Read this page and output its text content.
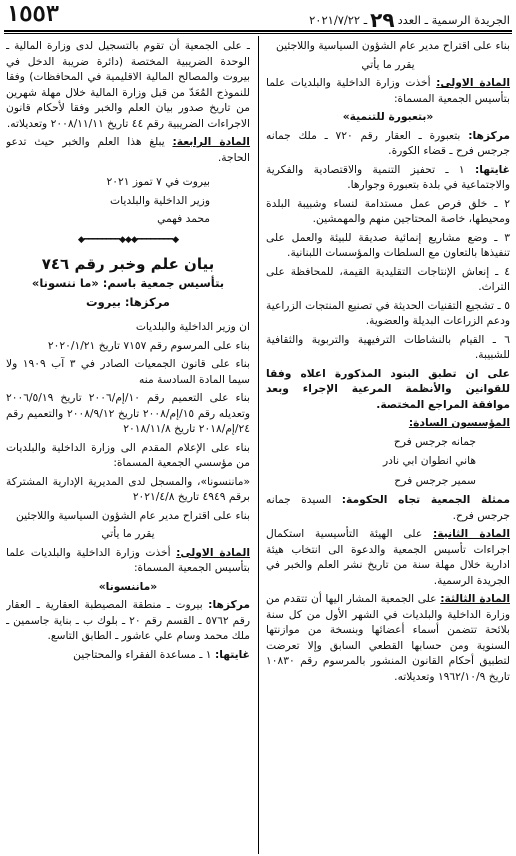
١٥٥٣	الجريدة الرسمية ـ العدد٢٩ـ ٢٠٢١/٧/٢٢

بناء على اقتراح مدير عام الشؤون السياسية واللاجئين

يقرر ما يأتي

المادة الاولى: أخذت وزارة الداخلية والبلديات علما بتأسيس الجمعية المسماة:

«بتعبورة للتنمية»

مركزها: بتعبورة ـ العقار رقم ٧٢٠ ـ ملك جمانه جرجس فرح ـ قضاء الكورة.

غايتها: ١ ـ تحفيز التنمية والاقتصادية والفكرية والاجتماعية في بلدة بتعبورة وجوارها.

٢ ـ خلق فرص عمل مستدامة لنساء وشبيبة البلدة ومحيطها، خاصة المحتاجين منهم والمهمشين.

٣ ـ وضع مشاريع إنمائية صديقة للبيئة والعمل على تنفيذها بالتعاون مع السلطات والمؤسسات اللبنانية.

٤ ـ إنعاش الإنتاجات التقليدية القيمة، للمحافظة على التراث.

٥ ـ تشجيع التقنيات الحديثة في تصنيع المنتجات الزراعية ودعم الزراعات البديلة والعضوية.

٦ ـ القيام بالنشاطات الترفيهية والتربوية والثقافية للشبيبة.

على ان تطبق البنود المذكورة اعلاه وفقا للقوانين والأنظمة المرعية الإجراء وبعد موافقة المراجع المختصة.

المؤسسون السادة:

جمانه جرجس فرح

هاني انطوان ابي نادر

سمير جرجس فرح

ممثلة الجمعية تجاه الحكومة: السيدة جمانه جرجس فرح.

المادة الثانية: على الهيئة التأسيسية استكمال اجراءات تأسيس الجمعية والدعوة الى انتخاب هيئة ادارية خلال مهلة سنة من تاريخ نشر العلم والخبر في الجريدة الرسمية.

المادة الثالثة: على الجمعية المشار اليها أن تتقدم من وزارة الداخلية والبلديات في الشهر الأول من كل سنة بلائحة تتضمن أسماء أعضائها وبنسخة من موازنتها السنوية ومن حسابها القطعي السابق وإلا تعرضت لتطبيق أحكام القانون المنشور بالمرسوم رقم ١٠٨٣٠ تاريخ ١٩٦٢/١٠/٩ وتعديلاته.

ـ على الجمعية أن تقوم بالتسجيل لدى وزارة المالية ـ الوحدة الضريبية المختصة (دائرة ضريبة الدخل في بيروت والمصالح المالية الاقليمية في المحافظات) وفقا للنموذج المُعَدّ من قبل وزارة المالية خلال مهلة شهرين من تاريخ صدور بيان العلم والخبر وفقا لأحكام قانون الاجراءات الضريبية رقم ٤٤ تاريخ ٢٠٠٨/١١/١١ وتعديلاته.

المادة الرابعة: يبلغ هذا العلم والخبر حيث تدعو الحاجة.

بيروت في ٧ تموز ٢٠٢١

وزير الداخلية والبلديات

محمد فهمي

◆━━━━━━━━◆◆◆━━━━━━━━◆

بيان علم وخبر رقم ٧٤٦

بتأسيس جمعية باسم: «ما ننسونا»

مركزها: بيروت

ان وزير الداخلية والبلديات

بناء على المرسوم رقم ٧١٥٧ تاريخ ٢٠٢٠/١/٢١

بناء على قانون الجمعيات الصادر في ٣ آب ١٩٠٩ ولا سيما المادة السادسة منه

بناء على التعميم رقم ١٠/إم/٢٠٠٦ تاريخ ٢٠٠٦/٥/١٩ وتعديله رقم ١٥/إم/٢٠٠٨ تاريخ ٢٠٠٨/٩/١٢ والتعميم رقم ٢٤/إم/٢٠١٨ تاريخ ٢٠١٨/١١/٨

بناء على الإعلام المقدم الى وزارة الداخلية والبلديات من مؤسسي الجمعية المسماة:

«ماننسونا»، والمسجل لدى المديرية الإدارية المشتركة برقم ٤٩٤٩ تاريخ ٢٠٢١/٤/٨

بناء على اقتراح مدير عام الشؤون السياسية واللاجئين

يقرر ما يأتي

المادة الاولى: أخذت وزارة الداخلية والبلديات علما بتأسيس الجمعية المسماة:

«ماننسونا»

مركزها: بيروت ـ منطقة المصيطبة العقارية ـ العقار رقم ٥٧٦٢ ـ القسم رقم ٢٠ ـ بلوك ب ـ بناية جاسمين ـ ملك محمد وسام علي عاشور ـ الطابق التاسع.

غايتها: ١ ـ مساعدة الفقراء والمحتاجين
